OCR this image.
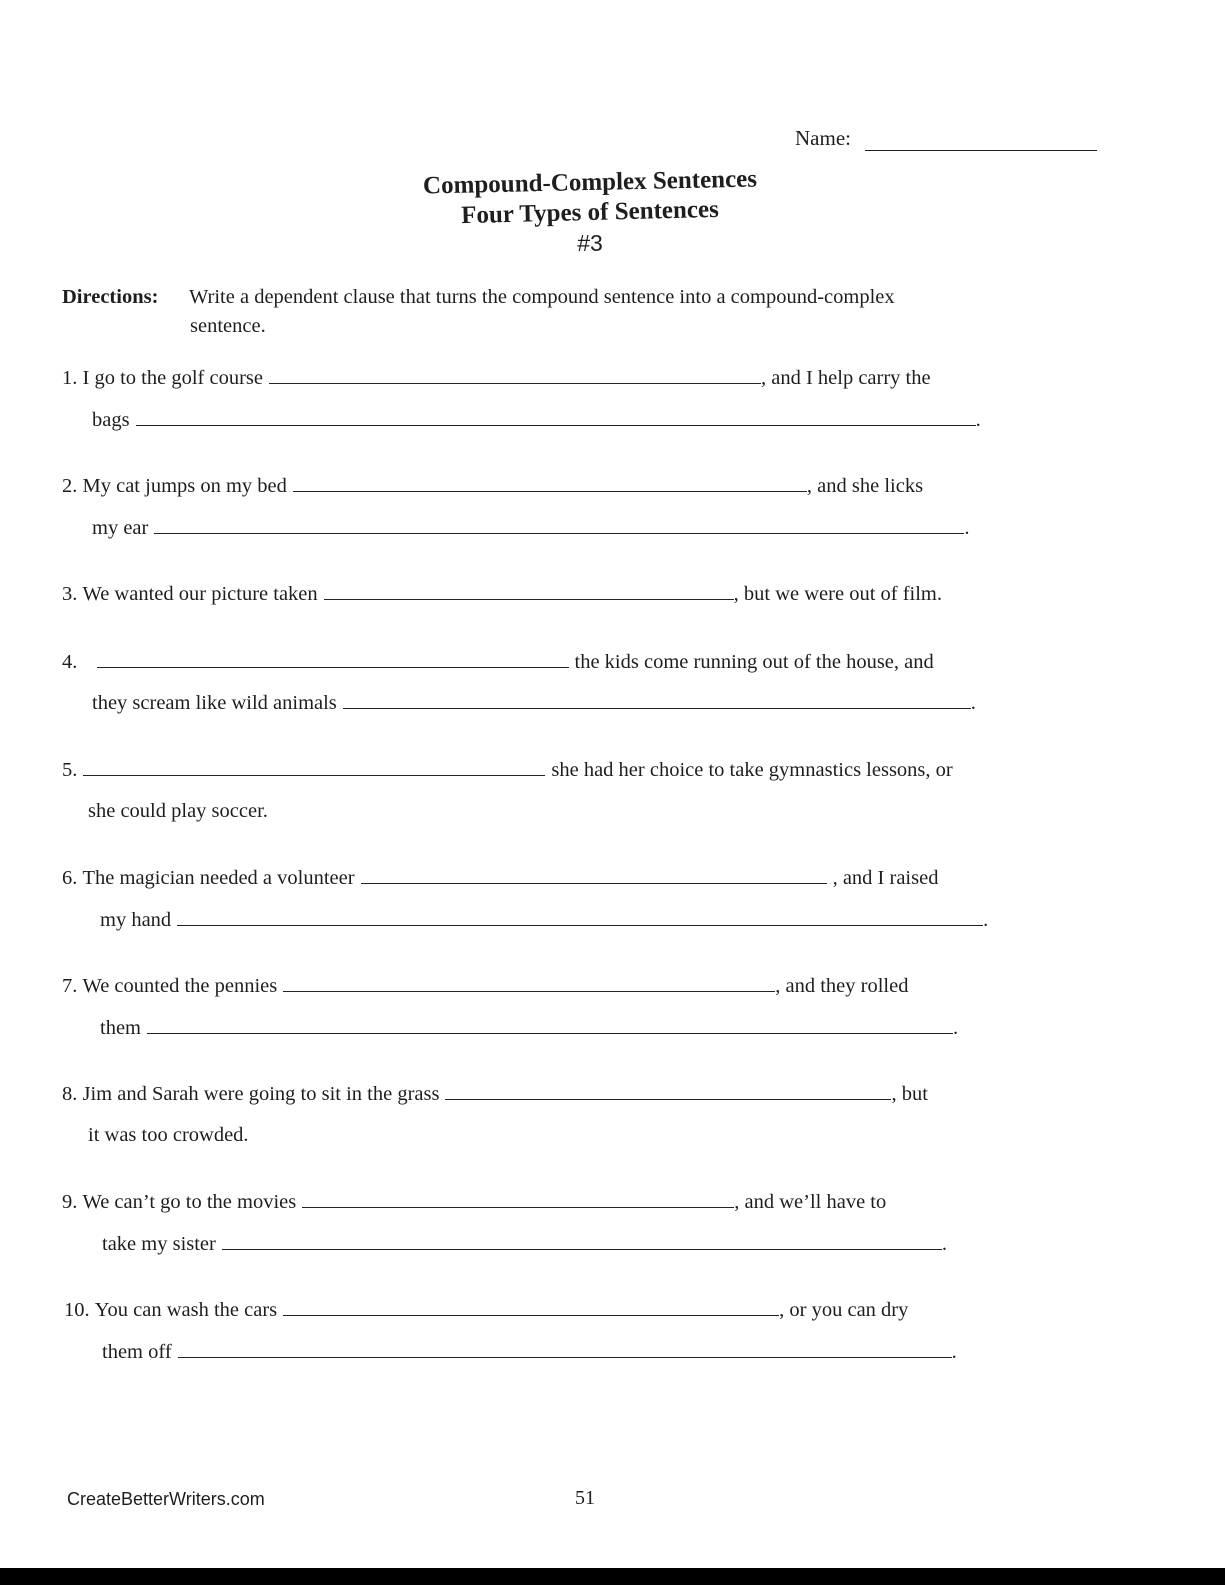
Name:
Compound-Complex Sentences
Four Types of Sentences
#3
Directions: Write a dependent clause that turns the compound sentence into a compound-complex
sentence.
1.
I go to the golf course	, and I help carry the
bags	.
2.
My cat jumps on my bed	, and she licks
my ear	.
3.
We wanted our picture taken	, but we were out of film.
4.
	the kids come running out of the house, and
they scream like wild animals	.
5.	she had her choice to take gymnastics lessons, or
she could play soccer.
6.
The magician needed a volunteer	, and I raised
my hand	.
7.
We counted the pennies	, and they rolled
them	.
8.
Jim and Sarah were going to sit in the grass	, but
it was too crowded.
9.
We can’t go to the movies	, and we’ll have to
take my sister	.
10.
You can wash the cars	, or you can dry
them off	.
CreateBetterWriters.com	51
